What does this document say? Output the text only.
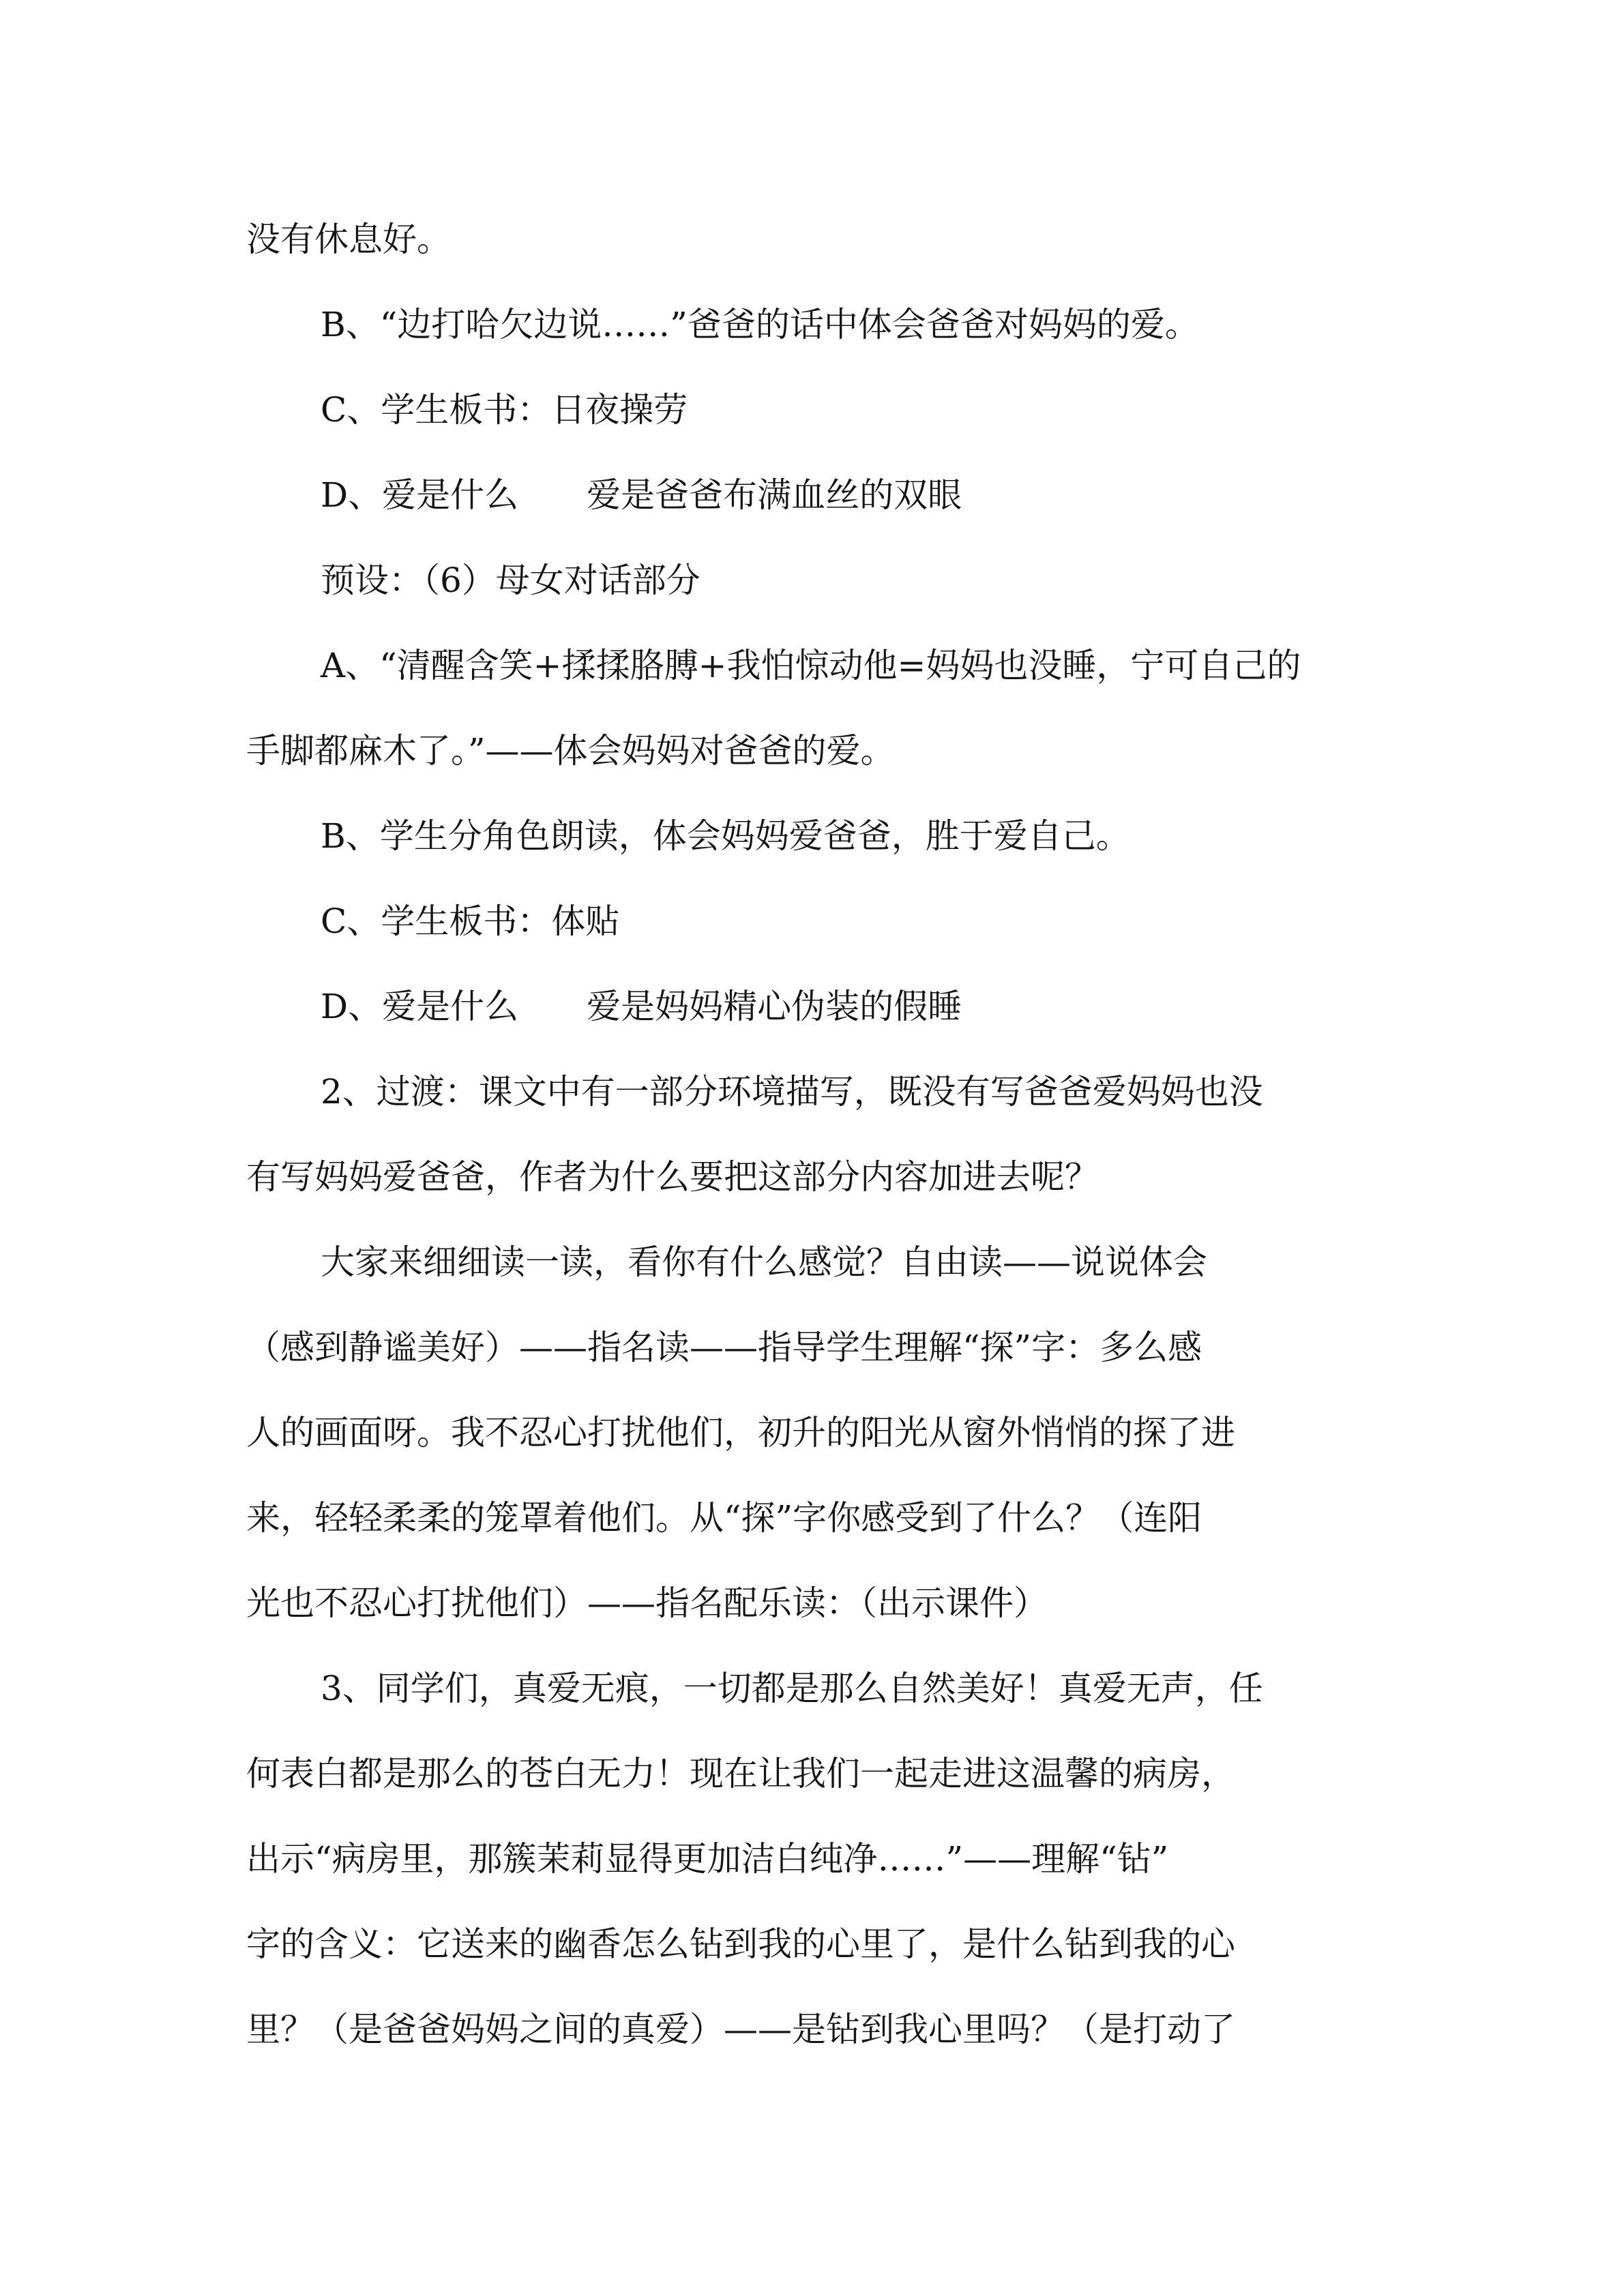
没有休息好。
B、“边打哈欠边说……”爸爸的话中体会爸爸对妈妈的爱。
C、学生板书：日夜操劳
D、爱是什么　　爱是爸爸布满血丝的双眼
预设：（6）母女对话部分
A、“清醒含笑+揉揉胳膊+我怕惊动他=妈妈也没睡，宁可自己的
手脚都麻木了。”——体会妈妈对爸爸的爱。
B、学生分角色朗读，体会妈妈爱爸爸，胜于爱自己。
C、学生板书：体贴
D、爱是什么　　爱是妈妈精心伪装的假睡
2、过渡：课文中有一部分环境描写，既没有写爸爸爱妈妈也没
有写妈妈爱爸爸，作者为什么要把这部分内容加进去呢？
大家来细细读一读，看你有什么感觉？自由读——说说体会
（感到静谧美好）——指名读——指导学生理解“探”字：多么感
人的画面呀。我不忍心打扰他们，初升的阳光从窗外悄悄的探了进
来，轻轻柔柔的笼罩着他们。从“探”字你感受到了什么？（连阳
光也不忍心打扰他们）——指名配乐读：（出示课件）
3、同学们，真爱无痕，一切都是那么自然美好！真爱无声，任
何表白都是那么的苍白无力！现在让我们一起走进这温馨的病房，
出示“病房里，那簇茉莉显得更加洁白纯净……”——理解“钻”
字的含义：它送来的幽香怎么钻到我的心里了，是什么钻到我的心
里？（是爸爸妈妈之间的真爱）——是钻到我心里吗？（是打动了
